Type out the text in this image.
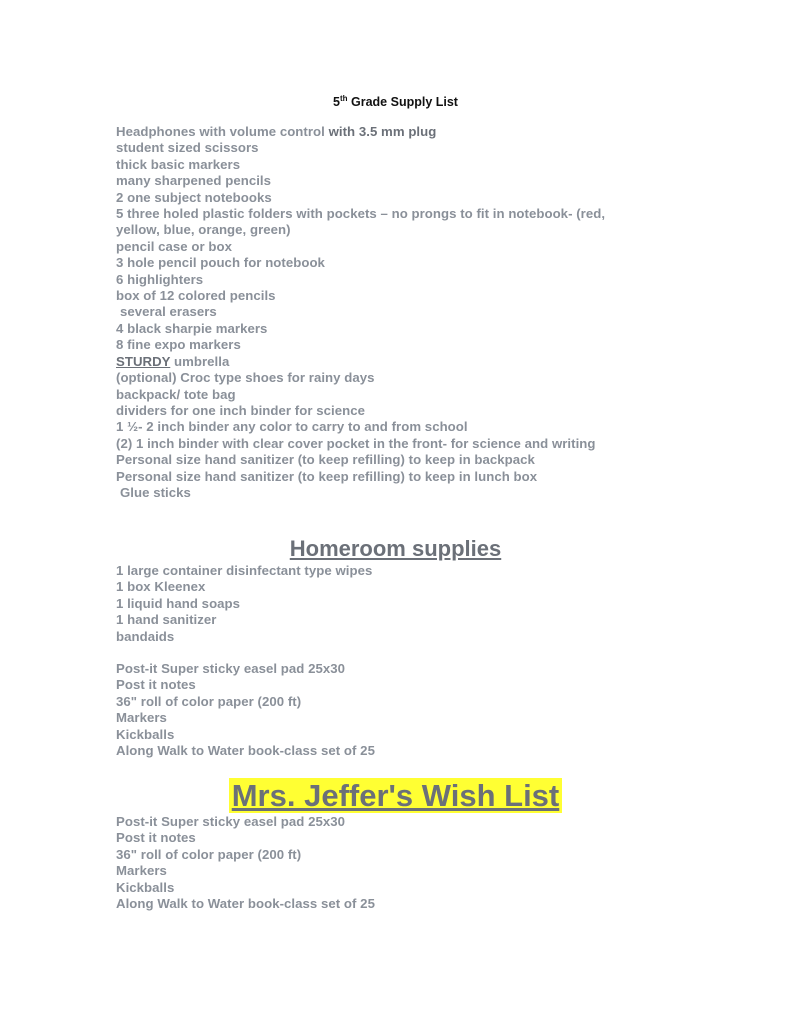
5th Grade Supply List
Headphones with volume control with 3.5 mm plug
student sized scissors
thick basic markers
many sharpened pencils
2 one subject notebooks
5 three holed plastic folders with pockets – no prongs to fit in notebook- (red,
yellow, blue, orange, green)
pencil case or box
3 hole pencil pouch for notebook
6 highlighters
box of 12 colored pencils
several erasers
4 black sharpie markers
8 fine expo markers
STURDY umbrella
(optional) Croc type shoes for rainy days
backpack/ tote bag
dividers for one inch binder for science
1 ½- 2 inch binder any color to carry to and from school
(2) 1 inch binder with clear cover pocket in the front- for science and writing
Personal size hand sanitizer (to keep refilling) to keep in backpack
Personal size hand sanitizer (to keep refilling) to keep in lunch box
Glue sticks
Homeroom supplies
1 large container disinfectant type wipes
1 box Kleenex
1 liquid hand soaps
1 hand sanitizer
bandaids
Post-it Super sticky easel pad 25x30
Post it notes
36" roll of color paper (200 ft)
Markers
Kickballs
Along Walk to Water book-class set of 25
Mrs. Jeffer's Wish List
Post-it Super sticky easel pad 25x30
Post it notes
36" roll of color paper (200 ft)
Markers
Kickballs
Along Walk to Water book-class set of 25
